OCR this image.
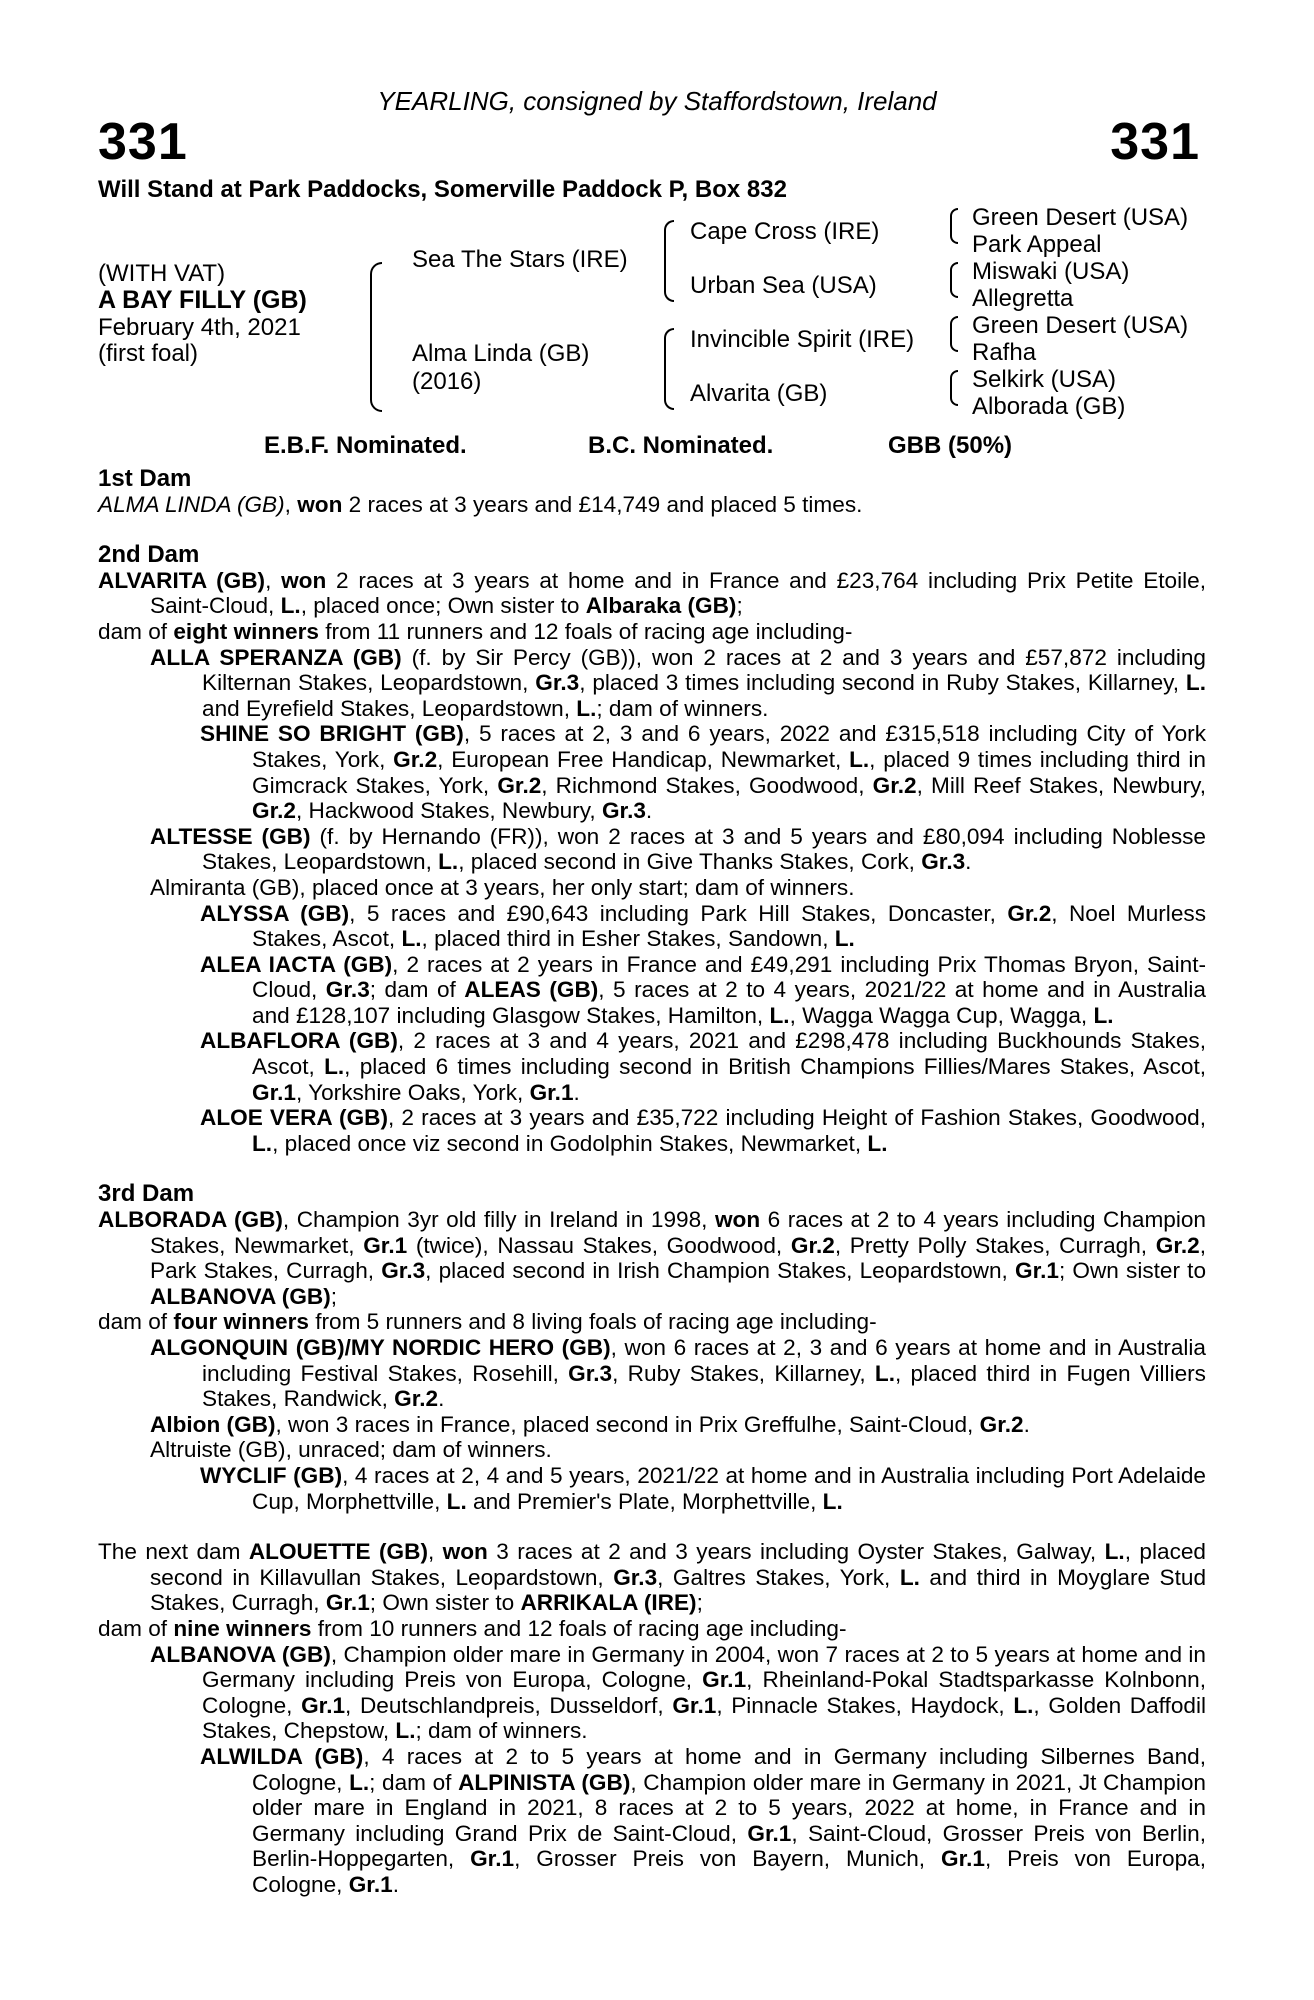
YEARLING, consigned by Staffordstown, Ireland
331	331
Will Stand at Park Paddocks, Somerville Paddock P, Box 832
(WITH VAT)
A BAY FILLY (GB)
February 4th, 2021
(first foal)
Sea The Stars (IRE)
Alma Linda (GB)
(2016)
Cape Cross (IRE)
Urban Sea (USA)
Invincible Spirit (IRE)
Alvarita (GB)
Green Desert (USA)
Park Appeal
Miswaki (USA)
Allegretta
Green Desert (USA)
Rafha
Selkirk (USA)
Alborada (GB)
E.B.F. Nominated.	B.C. Nominated.	GBB (50%)
1st Dam
ALMA LINDA (GB), won 2 races at 3 years and £14,749 and placed 5 times.
2nd Dam
ALVARITA (GB), won 2 races at 3 years at home and in France and £23,764 including Prix Petite Etoile, Saint-Cloud, L., placed once; Own sister to Albaraka (GB);
dam of eight winners from 11 runners and 12 foals of racing age including-
ALLA SPERANZA (GB) (f. by Sir Percy (GB)), won 2 races at 2 and 3 years and £57,872 including Kilternan Stakes, Leopardstown, Gr.3, placed 3 times including second in Ruby Stakes, Killarney, L. and Eyrefield Stakes, Leopardstown, L.; dam of winners.
SHINE SO BRIGHT (GB), 5 races at 2, 3 and 6 years, 2022 and £315,518 including City of York Stakes, York, Gr.2, European Free Handicap, Newmarket, L., placed 9 times including third in Gimcrack Stakes, York, Gr.2, Richmond Stakes, Goodwood, Gr.2, Mill Reef Stakes, Newbury, Gr.2, Hackwood Stakes, Newbury, Gr.3.
ALTESSE (GB) (f. by Hernando (FR)), won 2 races at 3 and 5 years and £80,094 including Noblesse Stakes, Leopardstown, L., placed second in Give Thanks Stakes, Cork, Gr.3.
Almiranta (GB), placed once at 3 years, her only start; dam of winners.
ALYSSA (GB), 5 races and £90,643 including Park Hill Stakes, Doncaster, Gr.2, Noel Murless Stakes, Ascot, L., placed third in Esher Stakes, Sandown, L.
ALEA IACTA (GB), 2 races at 2 years in France and £49,291 including Prix Thomas Bryon, Saint-Cloud, Gr.3; dam of ALEAS (GB), 5 races at 2 to 4 years, 2021/22 at home and in Australia and £128,107 including Glasgow Stakes, Hamilton, L., Wagga Wagga Cup, Wagga, L.
ALBAFLORA (GB), 2 races at 3 and 4 years, 2021 and £298,478 including Buckhounds Stakes, Ascot, L., placed 6 times including second in British Champions Fillies/Mares Stakes, Ascot, Gr.1, Yorkshire Oaks, York, Gr.1.
ALOE VERA (GB), 2 races at 3 years and £35,722 including Height of Fashion Stakes, Goodwood, L., placed once viz second in Godolphin Stakes, Newmarket, L.
3rd Dam
ALBORADA (GB), Champion 3yr old filly in Ireland in 1998, won 6 races at 2 to 4 years including Champion Stakes, Newmarket, Gr.1 (twice), Nassau Stakes, Goodwood, Gr.2, Pretty Polly Stakes, Curragh, Gr.2, Park Stakes, Curragh, Gr.3, placed second in Irish Champion Stakes, Leopardstown, Gr.1; Own sister to ALBANOVA (GB);
dam of four winners from 5 runners and 8 living foals of racing age including-
ALGONQUIN (GB)/MY NORDIC HERO (GB), won 6 races at 2, 3 and 6 years at home and in Australia including Festival Stakes, Rosehill, Gr.3, Ruby Stakes, Killarney, L., placed third in Fugen Villiers Stakes, Randwick, Gr.2.
Albion (GB), won 3 races in France, placed second in Prix Greffulhe, Saint-Cloud, Gr.2.
Altruiste (GB), unraced; dam of winners.
WYCLIF (GB), 4 races at 2, 4 and 5 years, 2021/22 at home and in Australia including Port Adelaide Cup, Morphettville, L. and Premier's Plate, Morphettville, L.
The next dam ALOUETTE (GB), won 3 races at 2 and 3 years including Oyster Stakes, Galway, L., placed second in Killavullan Stakes, Leopardstown, Gr.3, Galtres Stakes, York, L. and third in Moyglare Stud Stakes, Curragh, Gr.1; Own sister to ARRIKALA (IRE);
dam of nine winners from 10 runners and 12 foals of racing age including-
ALBANOVA (GB), Champion older mare in Germany in 2004, won 7 races at 2 to 5 years at home and in Germany including Preis von Europa, Cologne, Gr.1, Rheinland-Pokal Stadtsparkasse Kolnbonn, Cologne, Gr.1, Deutschlandpreis, Dusseldorf, Gr.1, Pinnacle Stakes, Haydock, L., Golden Daffodil Stakes, Chepstow, L.; dam of winners.
ALWILDA (GB), 4 races at 2 to 5 years at home and in Germany including Silbernes Band, Cologne, L.; dam of ALPINISTA (GB), Champion older mare in Germany in 2021, Jt Champion older mare in England in 2021, 8 races at 2 to 5 years, 2022 at home, in France and in Germany including Grand Prix de Saint-Cloud, Gr.1, Saint-Cloud, Grosser Preis von Berlin, Berlin-Hoppegarten, Gr.1, Grosser Preis von Bayern, Munich, Gr.1, Preis von Europa, Cologne, Gr.1.
